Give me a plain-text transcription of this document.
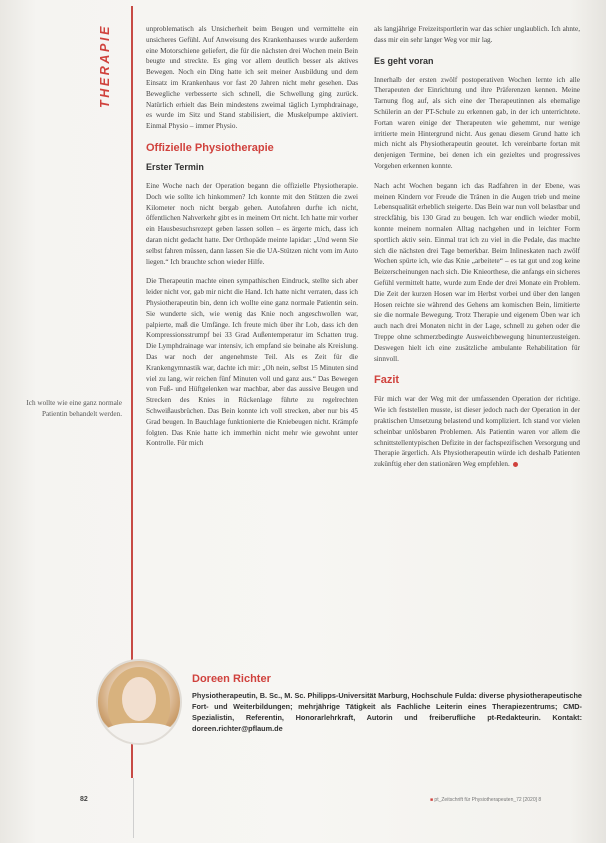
THERAPIE
Ich wollte wie eine ganz normale Patientin behandelt werden.

unproblematisch als Unsicherheit beim Beugen und vermittelte ein unsicheres Gefühl. Auf Anweisung des Krankenhauses wurde außerdem eine Motorschiene geliefert, die für die nächsten drei Wochen mein Bein beugte und streckte. Es ging vor allem deutlich besser als aktives Bewegen. Noch ein Ding hatte ich seit meiner Ausbildung und dem Einsatz im Krankenhaus vor fast 20 Jahren nicht mehr gesehen. Das Bewegliche verbesserte sich schnell, die Schwellung ging zurück. Natürlich erhielt das Bein mindestens zweimal täglich Lymphdrainage, es wurde im Sitz und Stand stabilisiert, die Muskelpumpe aktiviert. Einmal Physio – immer Physio.

Offizielle Physiotherapie
Erster Termin

Eine Woche nach der Operation begann die offizielle Physiotherapie. Doch wie sollte ich hinkommen? Ich konnte mit den Stützen die zwei Kilometer noch nicht bergab gehen. Autofahren durfte ich nicht, öffentlichen Nahverkehr gibt es in meinem Ort nicht. Ich hatte mir vorher ein Hausbesuchsrezept geben lassen sollen – es ärgerte mich, dass ich daran nicht gedacht hatte. Der Orthopäde meinte lapidar: „Und wenn Sie selbst fahren müssen, dann lassen Sie die UA-Stützen nicht vom im Auto liegen.“ Ich brauchte schon wieder Hilfe.

Die Therapeutin machte einen sympathischen Eindruck, stellte sich aber leider nicht vor, gab mir nicht die Hand. Ich hatte nicht verraten, dass ich Physiotherapeutin bin, denn ich wollte eine ganz normale Patientin sein. Sie wunderte sich, wie wenig das Knie noch angeschwollen war, palpierte, maß die Umfänge. Ich freute mich über ihr Lob, dass ich den Kompressionsstrumpf bei 33 Grad Außentemperatur im Schatten trug. Die Lymphdrainage war intensiv, ich empfand sie beinahe als Kreislung. Das war noch der angenehmste Teil. Als es Zeit für die Krankengymnastik war, dachte ich mir: „Oh nein, selbst 15 Minuten sind viel zu lang, wir reichen fünf Minuten voll und ganz aus.“ Das Bewegen von Fuß- und Hüftgelenken war machbar, aber das aussive Beugen und Strecken des Knies in Rückenlage führte zu regelrechten Schweißausbrüchen. Das Bein konnte ich voll strecken, aber nur bis 45 Grad beugen. In Bauchlage funktionierte die Kniebeugen nicht. Krämpfe folgten. Das Knie hatte ich immerhin nicht mehr wie gewohnt unter Kontrolle. Für mich

als langjährige Freizeitsportlerin war das schier unglaublich. Ich ahnte, dass mir ein sehr langer Weg vor mir lag.

Es geht voran

Innerhalb der ersten zwölf postoperativen Wochen lernte ich alle Therapeuten der Einrichtung und ihre Präferenzen kennen. Meine Tarnung flog auf, als sich eine der Therapeutinnen als ehemalige Schülerin an der PT-Schule zu erkennen gab, in der ich unterrichtete. Fortan waren einige der Therapeuten wie gehemmt, nur wenige irritierte mein Hintergrund nicht. Aus genau diesem Grund hatte ich mich nicht als Physiotherapeutin geoutet. Ich vereinbarte fortan mit denjenigen Termine, bei denen ich ein gezieltes und progressives Vorgehen erkennen konnte.

Nach acht Wochen begann ich das Radfahren in der Ebene, was meinen Kindern vor Freude die Tränen in die Augen trieb und meine Lebensqualität erheblich steigerte. Das Bein war nun voll belastbar und streckfähig, bis 130 Grad zu beugen. Ich war endlich wieder mobil, konnte meinem normalen Alltag nachgehen und in leichter Form sportlich aktiv sein. Einmal trat ich zu viel in die Pedale, das machte sich die nächsten drei Tage bemerkbar. Beim Inlineskaten nach zwölf Wochen spürte ich, wie das Knie „arbeitete“ – es tat gut und zog keine Beizerscheinungen nach sich. Die Knieorthese, die anfangs ein sicheres Gefühl vermittelt hatte, wurde zum Ende der drei Monate ein Problem. Die Zeit der kurzen Hosen war im Herbst vorbei und über den langen Hosen reichte sie während des Gehens am komischen Bein, limitierte sie die normale Bewegung. Trotz Therapie und eigenem Üben war ich auch nach drei Monaten nicht in der Lage, schnell zu gehen oder die Treppe ohne schmerzbedingte Ausweichbewegung hinunterzusteigen. Deswegen hielt ich eine zusätzliche ambulante Rehabilitation für sinnvoll.

Fazit

Für mich war der Weg mit der umfassenden Operation der richtige. Wie ich feststellen musste, ist dieser jedoch nach der Operation in der praktischen Umsetzung belastend und kompliziert. Ich stand vor vielen scheinbar unlösbaren Problemen. Als Patientin waren vor allem die schnittstellentypischen Defizite in der fachspezifischen Versorgung und Therapie ärgerlich. Als Physiotherapeutin würde ich deshalb Patienten zukünftig eher den stationären Weg empfehlen.

Doreen Richter
Physiotherapeutin, B. Sc., M. Sc. Philipps-Universität Marburg, Hochschule Fulda: diverse physiotherapeutische Fort- und Weiterbildungen; mehrjährige Tätigkeit als Fachliche Leiterin eines Therapiezentrums; CMD-Spezialistin, Referentin, Honorarlehrkraft, Autorin und freiberufliche pt-Redakteurin. Kontakt: doreen.richter@pflaum.de
82	■ pt_Zeitschrift für Physiotherapeuten_72 [2020] 8
